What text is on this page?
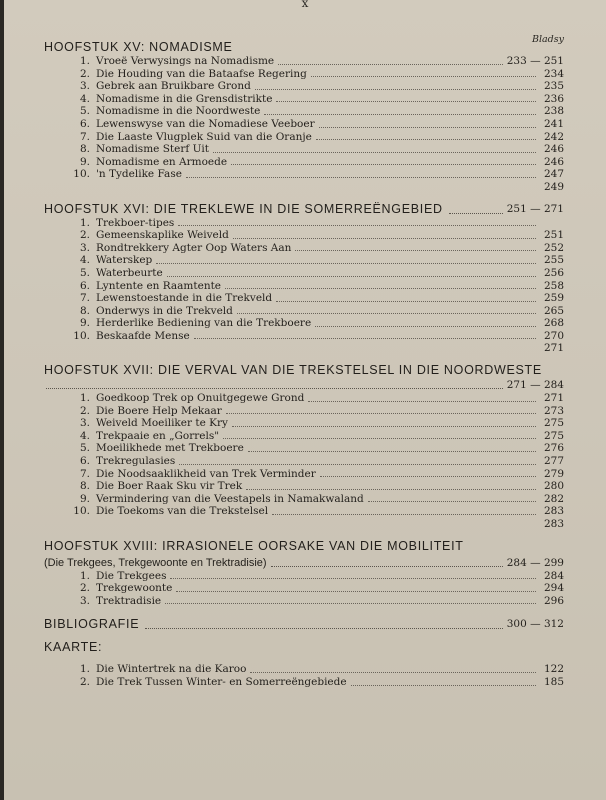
x
Bladsy
HOOFSTUK XV: NOMADISME
1. Vroeë Verwysings na Nomadisme	233 — 251
2. Die Houding van die Bataafse Regering	234
3. Gebrek aan Bruikbare Grond	235
4. Nomadisme in die Grensdistrikte	236
5. Nomadisme in die Noordweste	238
6. Lewenswyse van die Nomadiese Veeboer	241
7. Die Laaste Vlugplek Suid van die Oranje	242
8. Nomadisme Sterf Uit	246
9. Nomadisme en Armoede	246
10. 'n Tydelike Fase	247
249
HOOFSTUK XVI: DIE TREKLEWE IN DIE SOMERREËNGEBIED	251 — 271
1. Trekboer-tipes
2. Gemeenskaplike Weiveld	251
3. Rondtrekkery Agter Oop Waters Aan	252
4. Waterskep	255
5. Waterbeurte	256
6. Lyntente en Raamtente	258
7. Lewenstoestande in die Trekveld	259
8. Onderwys in die Trekveld	265
9. Herderlike Bediening van die Trekboere	268
10. Beskaafde Mense	270
271
HOOFSTUK XVII: DIE VERVAL VAN DIE TREKSTELSEL IN DIE NOORDWESTE
271 — 284
1. Goedkoop Trek op Onuitgegewe Grond	271
2. Die Boere Help Mekaar	273
3. Weiveld Moeiliker te Kry	275
4. Trekpaaie en „Gorrels"	275
5. Moeilikhede met Trekboere	276
6. Trekregulasies	277
7. Die Noodsaaklikheid van Trek Verminder	279
8. Die Boer Raak Sku vir Trek	280
9. Vermindering van die Veestapels in Namakwaland	282
10. Die Toekoms van die Trekstelsel	283
283
HOOFSTUK XVIII: IRRASIONELE OORSAKE VAN DIE MOBILITEIT
(Die Trekgees, Trekgewoonte en Trektradisie)	284 — 299
1. Die Trekgees	284
2. Trekgewoonte	294
3. Trektradisie	296
BIBLIOGRAFIE	300 — 312
KAARTE:
1. Die Wintertrek na die Karoo	122
2. Die Trek Tussen Winter- en Somerreëngebiede	185
